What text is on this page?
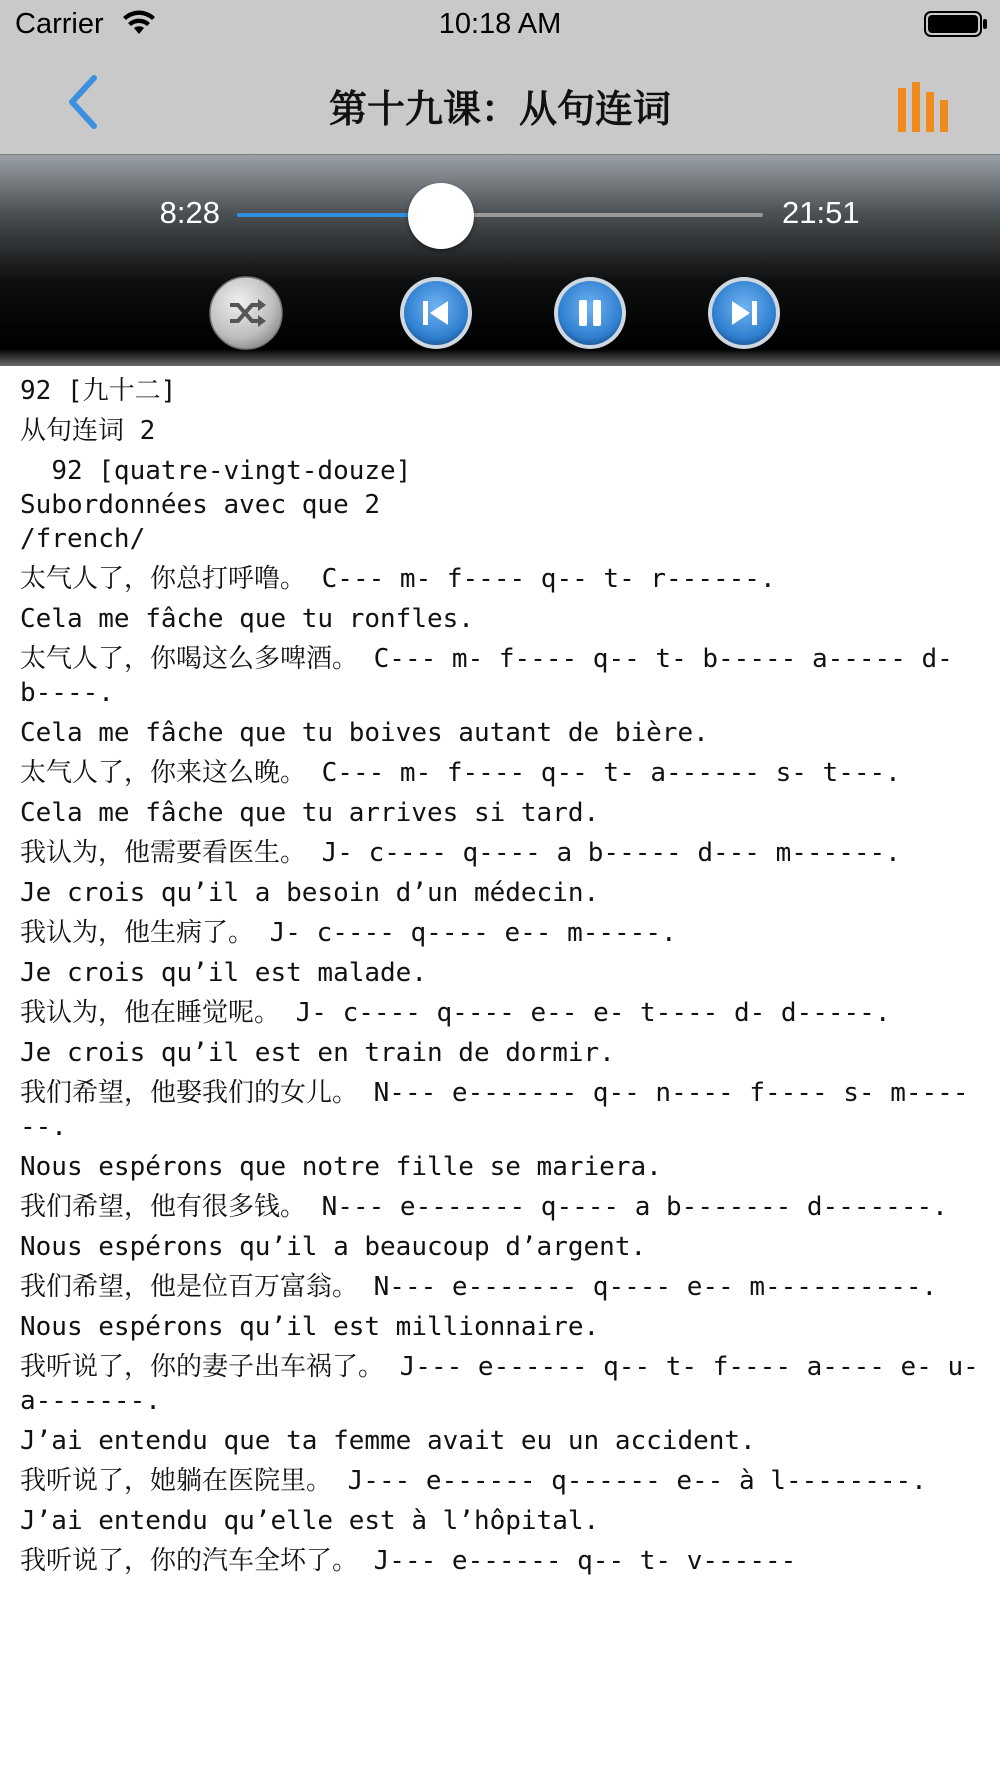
Carrier	10:18 AM
第十九课：从句连词
8:28	21:51
92 [九十二]
从句连词 2
92 [quatre-vingt-douze]
Subordonnées avec que 2
/french/
太气人了，你总打呼噜。 C--- m- f---- q-- t- r------.
Cela me fâche que tu ronfles.
太气人了，你喝这么多啤酒。 C--- m- f---- q-- t- b----- a----- d- b----.
Cela me fâche que tu boives autant de bière.
太气人了，你来这么晚。 C--- m- f---- q-- t- a------ s- t---.
Cela me fâche que tu arrives si tard.
我认为，他需要看医生。 J- c---- q---- a b----- d--- m------.
Je crois qu’il a besoin d’un médecin.
我认为，他生病了。 J- c---- q---- e-- m-----.
Je crois qu’il est malade.
我认为，他在睡觉呢。 J- c---- q---- e-- e- t---- d- d-----.
Je crois qu’il est en train de dormir.
我们希望，他娶我们的女儿。 N--- e------- q-- n---- f---- s- m------.
Nous espérons que notre fille se mariera.
我们希望，他有很多钱。 N--- e------- q---- a b------- d-------.
Nous espérons qu’il a beaucoup d’argent.
我们希望，他是位百万富翁。 N--- e------- q---- e-- m----------.
Nous espérons qu’il est millionnaire.
我听说了，你的妻子出车祸了。 J--- e------ q-- t- f---- a---- e- u- a-------.
J’ai entendu que ta femme avait eu un accident.
我听说了，她躺在医院里。 J--- e------ q------ e-- à l--------.
J’ai entendu qu’elle est à l’hôpital.
我听说了，你的汽车全坏了。 J--- e------ q-- t- v------
